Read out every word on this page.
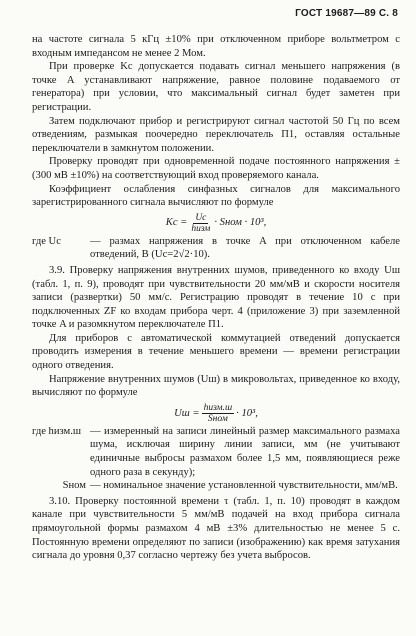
ГОСТ 19687—89 С. 8

на частоте сигнала 5 кГц ±10% при отключенном приборе вольтметром с входным импедансом не менее 2 Мом.

При проверке Kс допускается подавать сигнал меньшего напряжения (в точке A устанавливают напряжение, равное половине подаваемого от генератора) при условии, что максимальный сигнал будет заметен при регистрации.

Затем подключают прибор и регистрируют сигнал частотой 50 Гц по всем отведениям, размыкая поочередно переключатель П1, оставляя остальные переключатели в замкнутом положении.

Проверку проводят при одновременной подаче постоянного напряжения ±(300 мВ ±10%) на соответствующий вход проверяемого канала.

Коэффициент ослабления синфазных сигналов для максимального зарегистрированного сигнала вычисляют по формуле

Kс = $\frac{Uс}{\text{hизм}}$ · Sном · 10³,
где Uс	— размах напряжения в точке A при отключенном кабеле отведений, В (Uс=2√2·10).

3.9. Проверку напряжения внутренних шумов, приведенного ко входу Uш (табл. 1, п. 9), проводят при чувствительности 20 мм/мВ и скорости носителя записи (развертки) 50 мм/с. Регистрацию проводят в течение 10 с при подключенных ZF ко входам прибора черт. 4 (приложение 3) при заземленной точке A и разомкнутом переключателе П1.

Для приборов с автоматической коммутацией отведений допускается проводить измерения в течение меньшего времени — времени регистрации одного отведения.

Напряжение внутренних шумов (Uш) в микровольтах, приведенное ко входу, вычисляют по формуле

Uш = $\frac{\text{hизм.ш}}{\text{Sном}} \cdot 10^3$,
где hизм.ш — измеренный на записи линейный размер максимального размаха шума, исключая ширину линии записи, мм (не учитывают единичные выбросы размахом более 1,5 мм, появляющиеся реже одного раза в секунду);
Sном — номинальное значение установленной чувствительности, мм/мВ.

3.10. Проверку постоянной времени τ (табл. 1, п. 10) проводят в каждом канале при чувствительности 5 мм/мВ подачей на вход прибора сигнала прямоугольной формы размахом 4 мВ ±3% длительностью не менее 5 с. Постоянную времени определяют по записи (изображению) как время затухания сигнала до уровня 0,37 согласно чертежу без учета выбросов.
